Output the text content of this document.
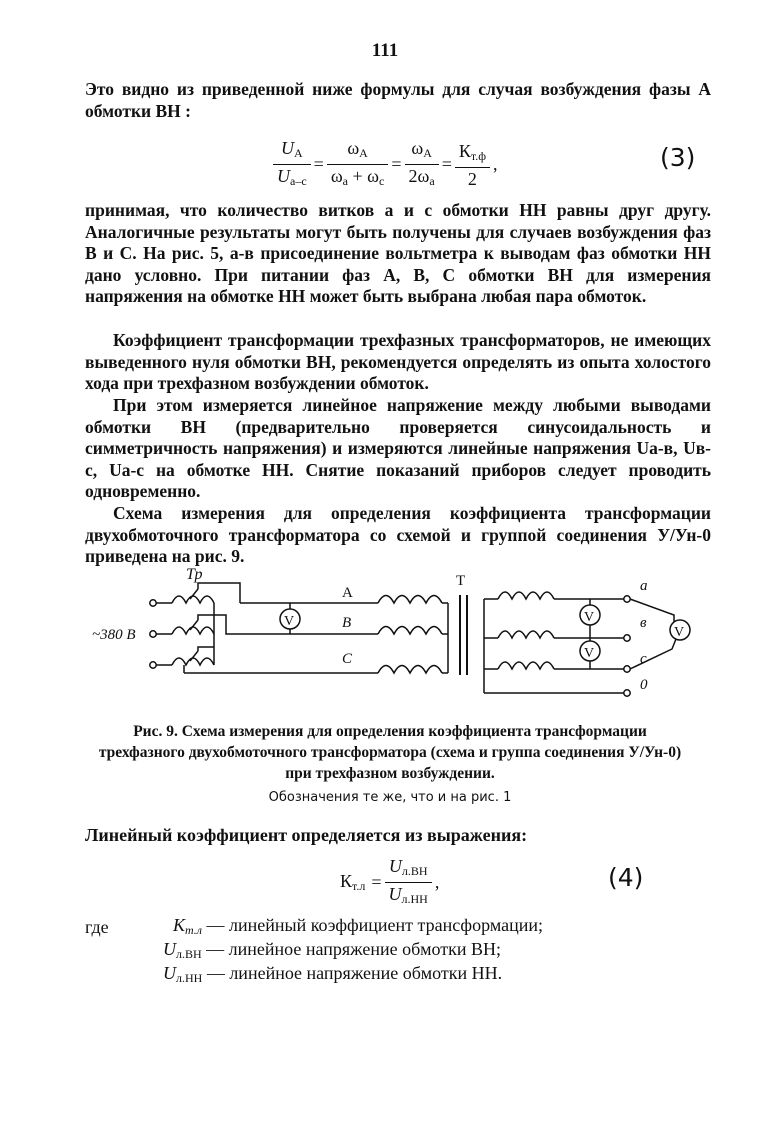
111

Это видно из приведенной ниже формулы для случая возбуждения фазы А обмотки ВН :

$\frac{U_A}{U_{a-c}} = \frac{\omega_A}{\omega_a + \omega_c} = \frac{\omega_A}{2\omega_a} = \frac{К_{т.ф}}{2}$ ,	(3)

принимая, что количество витков a и c обмотки НН равны друг другу. Аналогичные результаты могут быть получены для случаев возбуждения фаз В и С. На рис. 5, а-в присоединение вольтметра к выводам фаз обмотки НН дано условно. При питании фаз А, В, С обмотки ВН для измерения напряжения на обмотке НН может быть выбрана любая пара обмоток.

Коэффициент трансформации трехфазных трансформаторов, не имеющих выведенного нуля обмотки ВН, рекомендуется определять из опыта холостого хода при трехфазном возбуждении обмоток.

При этом измеряется линейное напряжение между любыми выводами обмотки ВН (предварительно проверяется синусоидальность и симметричность напряжения) и измеряются линейные напряжения Uа-в, Uв-с, Uа-с на обмотке НН. Снятие показаний приборов следует проводить одновременно.

Схема измерения для определения коэффициента трансформации двухобмоточного трансформатора со схемой и группой соединения У/Ун-0 приведена на рис. 9.

Тр
~380 В
V
A
В
С
T
V
V
а
в
с
0
V

Рис. 9. Схема измерения для определения коэффициента трансформации трехфазного двухобмоточного трансформатора (схема и группа соединения У/Ун-0) при трехфазном возбуждении.

Обозначения те же, что и на рис. 1

Линейный коэффициент определяется из выражения:

$К_{т.л} = \frac{U_{л.ВН}}{U_{л.НН}}$ ,	(4)
где	$К_{т.л}$ — линейный коэффициент трансформации;
$U_{л.ВН}$ — линейное напряжение обмотки ВН;
$U_{л.НН}$ — линейное напряжение обмотки НН.
